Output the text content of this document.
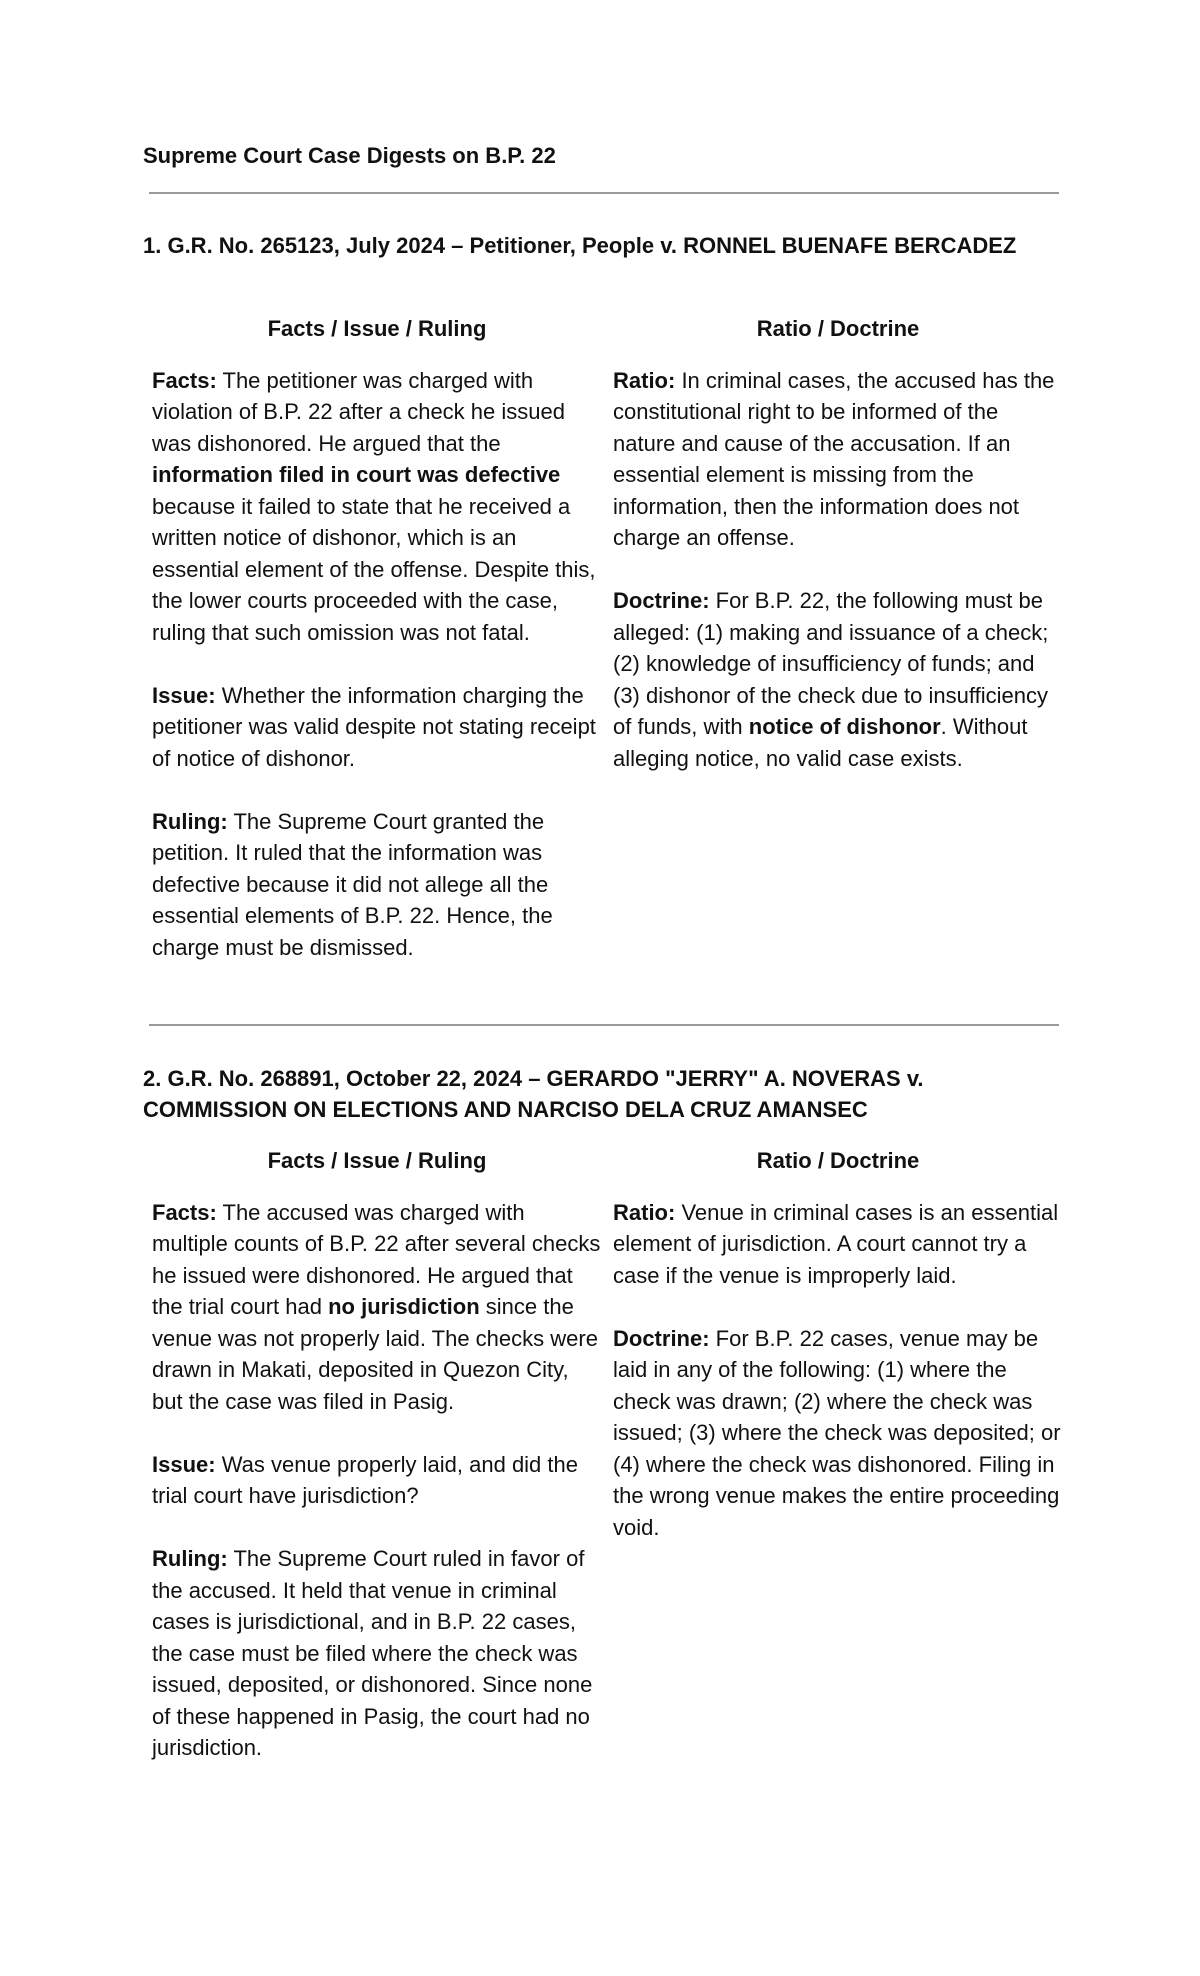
Supreme Court Case Digests on B.P. 22
1. G.R. No. 265123, July 2024 – Petitioner, People v. RONNEL BUENAFE BERCADEZ
Facts / Issue / Ruling

Facts: The petitioner was charged with violation of B.P. 22 after a check he issued was dishonored. He argued that the information filed in court was defective because it failed to state that he received a written notice of dishonor, which is an essential element of the offense. Despite this, the lower courts proceeded with the case, ruling that such omission was not fatal.

Issue: Whether the information charging the petitioner was valid despite not stating receipt of notice of dishonor.

Ruling: The Supreme Court granted the petition. It ruled that the information was defective because it did not allege all the essential elements of B.P. 22. Hence, the charge must be dismissed.

Ratio / Doctrine

Ratio: In criminal cases, the accused has the constitutional right to be informed of the nature and cause of the accusation. If an essential element is missing from the information, then the information does not charge an offense.

Doctrine: For B.P. 22, the following must be alleged: (1) making and issuance of a check; (2) knowledge of insufficiency of funds; and (3) dishonor of the check due to insufficiency of funds, with notice of dishonor. Without alleging notice, no valid case exists.

2. G.R. No. 268891, October 22, 2024 – GERARDO "JERRY" A. NOVERAS v. COMMISSION ON ELECTIONS AND NARCISO DELA CRUZ AMANSEC
Facts / Issue / Ruling

Facts: The accused was charged with multiple counts of B.P. 22 after several checks he issued were dishonored. He argued that the trial court had no jurisdiction since the venue was not properly laid. The checks were drawn in Makati, deposited in Quezon City, but the case was filed in Pasig.

Issue: Was venue properly laid, and did the trial court have jurisdiction?

Ruling: The Supreme Court ruled in favor of the accused. It held that venue in criminal cases is jurisdictional, and in B.P. 22 cases, the case must be filed where the check was issued, deposited, or dishonored. Since none of these happened in Pasig, the court had no jurisdiction.

Ratio / Doctrine

Ratio: Venue in criminal cases is an essential element of jurisdiction. A court cannot try a case if the venue is improperly laid.

Doctrine: For B.P. 22 cases, venue may be laid in any of the following: (1) where the check was drawn; (2) where the check was issued; (3) where the check was deposited; or (4) where the check was dishonored. Filing in the wrong venue makes the entire proceeding void.
